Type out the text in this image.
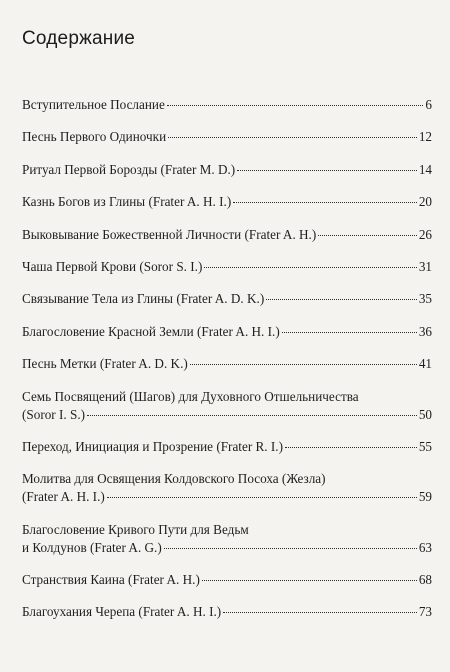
Содержание
Вступительное Послание	6
Песнь Первого Одиночки	12
Ритуал Первой Борозды (Frater M. D.)	14
Казнь Богов из Глины (Frater A. H. I.)	20
Выковывание Божественной Личности (Frater A. H.)	26
Чаша Первой Крови (Soror S. I.)	31
Связывание Тела из Глины (Frater A. D. K.)	35
Благословение Красной Земли (Frater A. H. I.)	36
Песнь Метки (Frater A. D. K.)	41
Семь Посвящений (Шагов) для Духовного Отшельничества
(Soror I. S.)	50
Переход, Инициация и Прозрение (Frater R. I.)	55
Молитва для Освящения Колдовского Посоха (Жезла)
(Frater A. H. I.)	59
Благословение Кривого Пути для Ведьм
и Колдунов (Frater A. G.)	63
Странствия Каина (Frater A. H.)	68
Благоухания Черепа (Frater A. H. I.)	73
